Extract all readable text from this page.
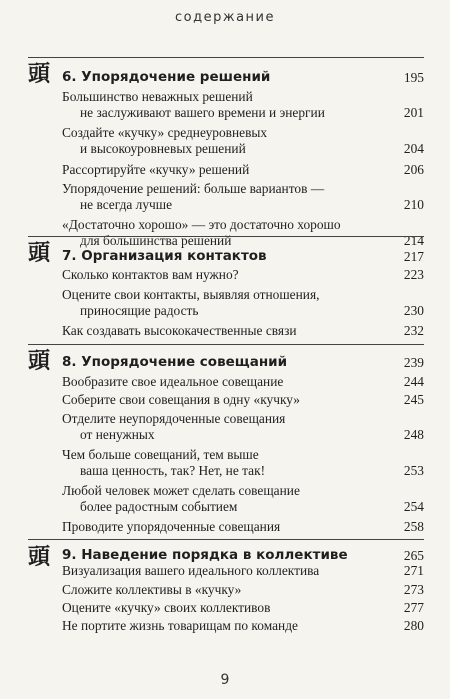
содержание
頭 6. Упорядочение решений	195
Большинство неважных решений
не заслуживают вашего времени и энергии	201
Создайте «кучку» среднеуровневых
и высокоуровневых решений	204
Рассортируйте «кучку» решений	206
Упорядочение решений: больше вариантов —
не всегда лучше	210
«Достаточно хорошо» — это достаточно хорошо
для большинства решений	214
頭 7. Организация контактов	217
Сколько контактов вам нужно?	223
Оцените свои контакты, выявляя отношения,
приносящие радость	230
Как создавать высококачественные связи	232
頭 8. Упорядочение совещаний	239
Вообразите свое идеальное совещание	244
Соберите свои совещания в одну «кучку»	245
Отделите неупорядоченные совещания
от ненужных	248
Чем больше совещаний, тем выше
ваша ценность, так? Нет, не так!	253
Любой человек может сделать совещание
более радостным событием	254
Проводите упорядоченные совещания	258
頭 9. Наведение порядка в коллективе	265
Визуализация вашего идеального коллектива	271
Сложите коллективы в «кучку»	273
Оцените «кучку» своих коллективов	277
Не портите жизнь товарищам по команде	280
9
